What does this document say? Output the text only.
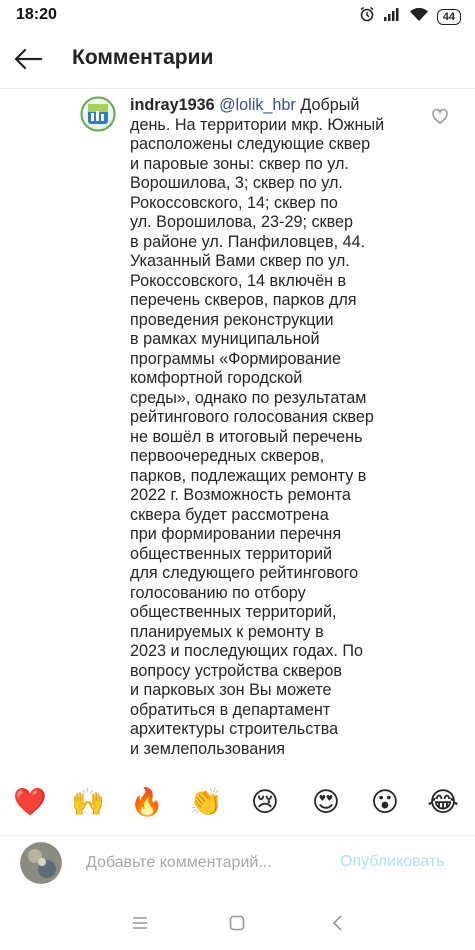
18:20	44
Комментарии
indray1936 @lolik_hbr Добрый
день. На территории мкр. Южный
расположены следующие сквер
и паровые зоны: сквер по ул.
Ворошилова, 3; сквер по ул.
Рокоссовского, 14; сквер по
ул. Ворошилова, 23-29; сквер
в районе ул. Панфиловцев, 44.
Указанный Вами сквер по ул.
Рокоссовского, 14 включён в
перечень скверов, парков для
проведения реконструкции
в рамках муниципальной
программы «Формирование
комфортной городской
среды», однако по результатам
рейтингового голосования сквер
не вошёл в итоговый перечень
первоочередных скверов,
парков, подлежащих ремонту в
2022 г. Возможность ремонта
сквера будет рассмотрена
при формировании перечня
общественных территорий
для следующего рейтингового
голосованию по отбору
общественных территорий,
планируемых к ремонту в
2023 и последующих годах. По
вопросу устройства скверов
и парковых зон Вы можете
обратиться в департамент
архитектуры строительства
и землепользования
❤️ 🙌 🔥 👏 😢 😍 😮 😂
Добавьте комментарий...
Опубликовать
